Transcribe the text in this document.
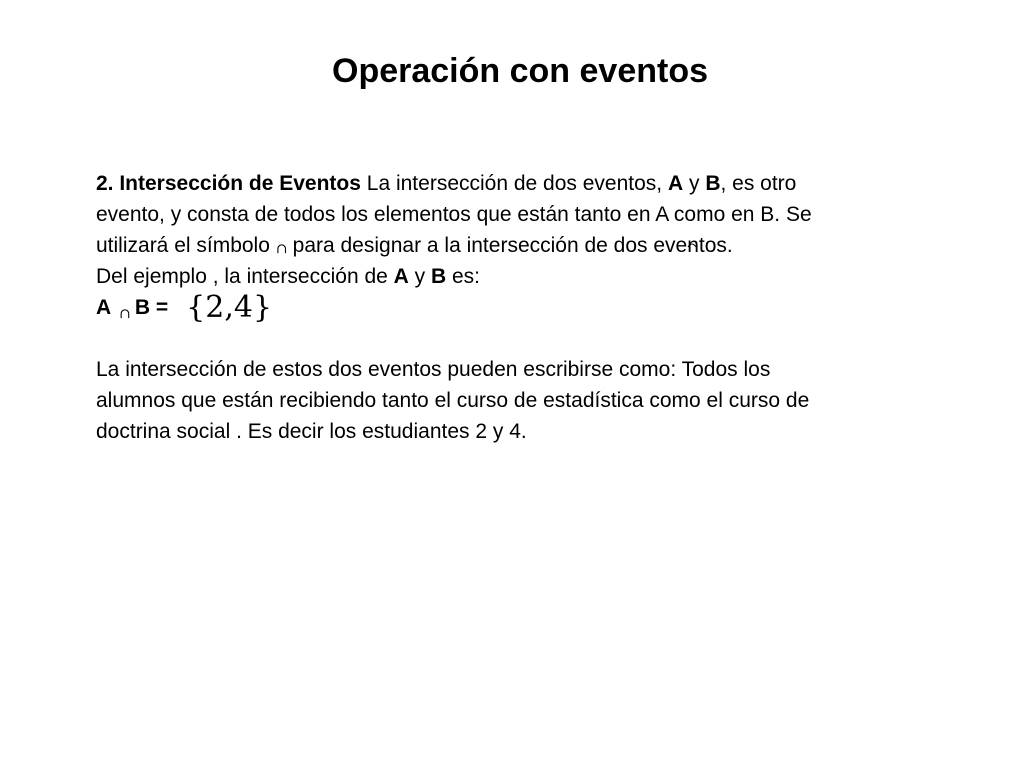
Operación con eventos
2. Intersección de Eventos La intersección de dos eventos, A y B, es otro
evento, y consta de todos los elementos que están tanto en A como en B. Se
utilizará el símbolo ∩ para designar a la intersección de dos eventos.
Del ejemplo , la intersección de A y B es:
A ∩ B = {2,4}
La intersección de estos dos eventos pueden escribirse como: Todos los
alumnos que están recibiendo tanto el curso de estadística como el curso de
doctrina social . Es decir los estudiantes 2 y 4.
